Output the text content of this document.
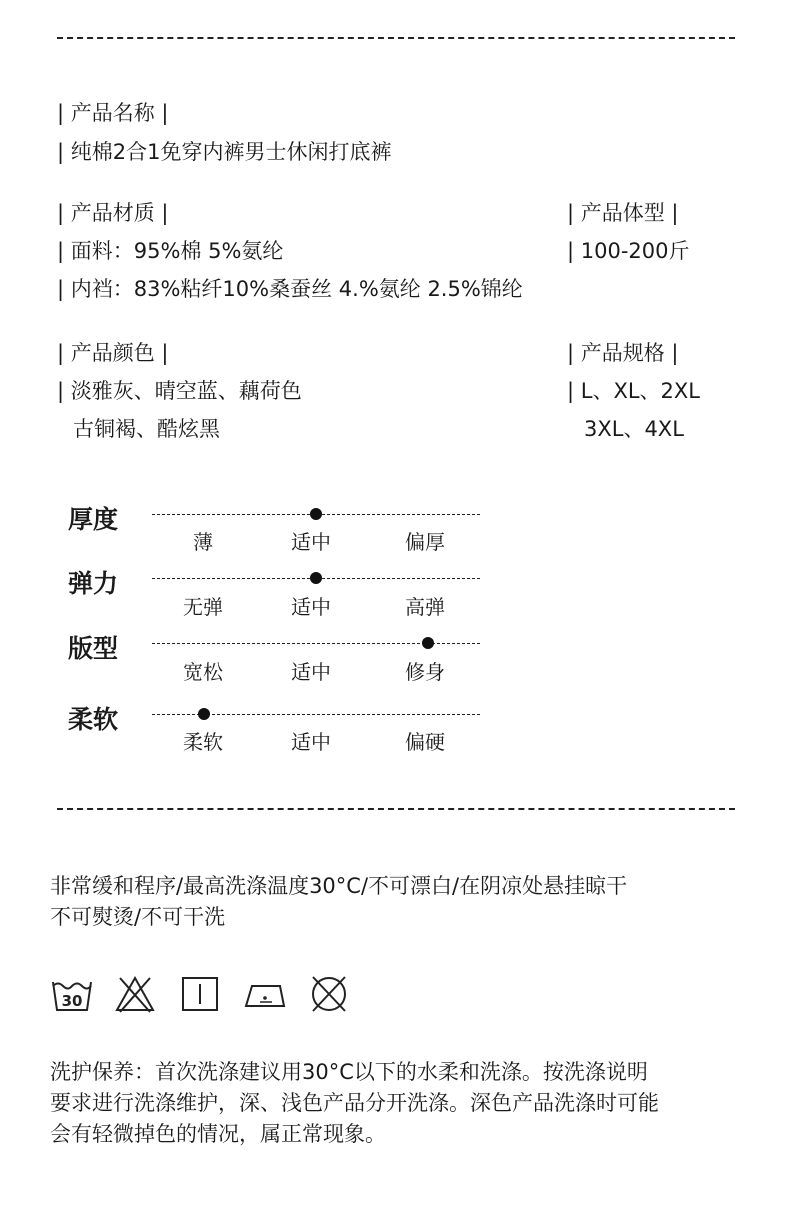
| 产品名称 |
| 纯棉2合1免穿内裤男士休闲打底裤
| 产品材质 |
| 面料：95%棉 5%氨纶
| 内裆：83%粘纤10%桑蚕丝 4.%氨纶 2.5%锦纶
| 产品体型 |
| 100-200斤
| 产品颜色 |
| 淡雅灰、晴空蓝、藕荷色
古铜褐、酷炫黑
| 产品规格 |
| L、XL、2XL
3XL、4XL
厚度
薄	适中	偏厚
弹力
无弹	适中	高弹
版型
宽松	适中	修身
柔软
柔软	适中	偏硬
非常缓和程序/最高洗涤温度30°C/不可漂白/在阴凉处悬挂晾干
不可熨烫/不可干洗
30
洗护保养：首次洗涤建议用30°C以下的水柔和洗涤。按洗涤说明
要求进行洗涤维护，深、浅色产品分开洗涤。深色产品洗涤时可能
会有轻微掉色的情况，属正常现象。
